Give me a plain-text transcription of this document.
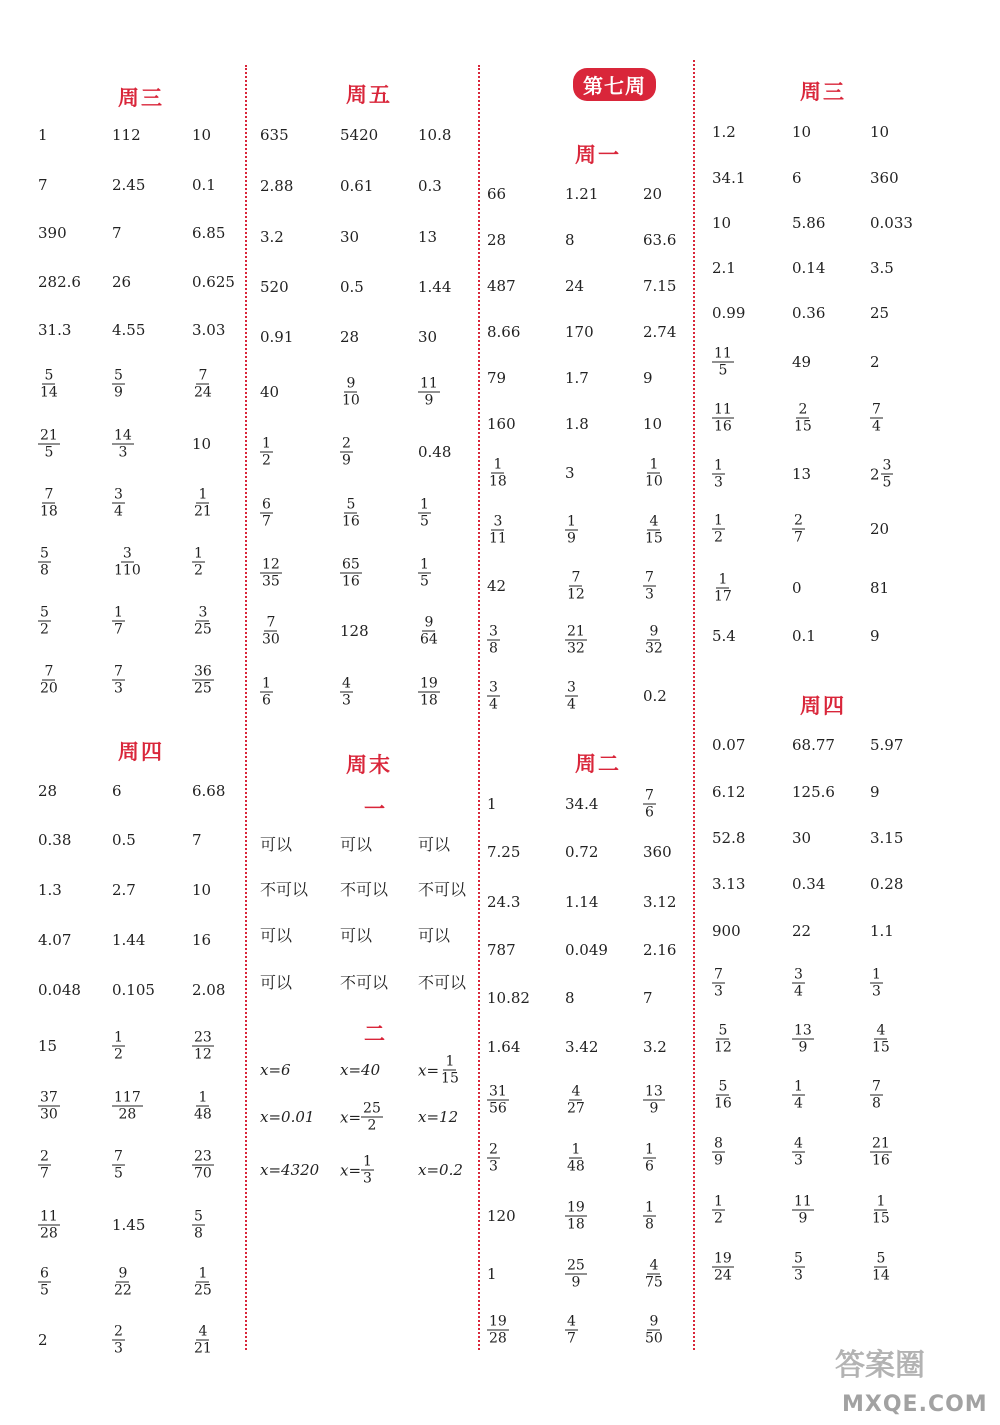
周三
1	112	10
7	2.45	0.1
390	7	6.85
282.6 26	0.625
31.3	4.55	3.03
$\frac{5}{14}$	$\frac{5}{9}$	$\frac{7}{24}$
$\frac{21}{5}$	$\frac{14}{3}$	10
$\frac{7}{18}$	$\frac{3}{4}$	$\frac{1}{21}$
$\frac{5}{8}$	$\frac{3}{110}$	$\frac{1}{2}$
$\frac{5}{2}$	$\frac{1}{7}$	$\frac{3}{25}$
$\frac{7}{20}$	$\frac{7}{3}$	$\frac{36}{25}$
周四
28	6	6.68
0.38	0.5	7
1.3	2.7	10
4.07	1.44	16
0.048 0.105 2.08
15	$\frac{1}{2}$	$\frac{23}{12}$
$\frac{37}{30}$	$\frac{117}{28}$	$\frac{1}{48}$
$\frac{2}{7}$	$\frac{7}{5}$	$\frac{23}{70}$
$\frac{11}{28}$	1.45	$\frac{5}{8}$
$\frac{6}{5}$	$\frac{9}{22}$	$\frac{1}{25}$
2	$\frac{2}{3}$	$\frac{4}{21}$
周五
635	5420	10.8
2.88	0.61	0.3
3.2	30	13
520	0.5	1.44
0.91	28	30
40	$\frac{9}{10}$	$\frac{11}{9}$
$\frac{1}{2}$	$\frac{2}{9}$	0.48
$\frac{6}{7}$	$\frac{5}{16}$	$\frac{1}{5}$
$\frac{12}{35}$	$\frac{65}{16}$	$\frac{1}{5}$
$\frac{7}{30}$	128	$\frac{9}{64}$
$\frac{1}{6}$	$\frac{4}{3}$	$\frac{19}{18}$
周末
一
可以	可以	可以
不可以 不可以 不可以
可以	可以	可以
可以	不可以 不可以
二
x=6	x=40	$x= \frac{1}{15}$
x=0.01 $x= \frac{25}{2} x=12$
x=4320 $x= \frac{1}{3}$	x=0.2
第七周
周一
66	1.21	20
28	8	63.6
487	24	7.15
8.66	170	2.74
79	1.7	9
160	1.8	10
$\frac{1}{18}$	3	$\frac{1}{10}$
$\frac{3}{11}$	$\frac{1}{9}$	$\frac{4}{15}$
42	$\frac{7}{12}$	$\frac{7}{3}$
$\frac{3}{8}$	$\frac{21}{32}$	$\frac{9}{32}$
$\frac{3}{4}$	$\frac{3}{4}$	0.2
周二
1	34.4	$\frac{7}{6}$
7.25	0.72	360
24.3	1.14	3.12
787	0.049 2.16
10.82 8	7
1.64	3.42	3.2
$\frac{31}{56}$	$\frac{4}{27}$	$\frac{13}{9}$
$\frac{2}{3}$	$\frac{1}{48}$	$\frac{1}{6}$
120	$\frac{19}{18}$	$\frac{1}{8}$
1	$\frac{25}{9}$	$\frac{4}{75}$
$\frac{19}{28}$	$\frac{4}{7}$	$\frac{9}{50}$
周三
1.2	10	10
34.1	6	360
10	5.86	0.033
2.1	0.14	3.5
0.99	0.36	25
$\frac{11}{5}$	49	2
$\frac{11}{16}$	$\frac{2}{15}$	$\frac{7}{4}$
$\frac{1}{3}$	13	$2 \frac{3}{5}$
$\frac{1}{2}$	$\frac{2}{7}$	20
$\frac{1}{17}$	0	81
5.4	0.1	9
周四
0.07	68.77 5.97
6.12	125.6 9
52.8	30	3.15
3.13	0.34	0.28
900	22	1.1
$\frac{7}{3}$	$\frac{3}{4}$	$\frac{1}{3}$
$\frac{5}{12}$	$\frac{13}{9}$	$\frac{4}{15}$
$\frac{5}{16}$	$\frac{1}{4}$	$\frac{7}{8}$
$\frac{8}{9}$	$\frac{4}{3}$	$\frac{21}{16}$
$\frac{1}{2}$	$\frac{11}{9}$	$\frac{1}{15}$
$\frac{19}{24}$	$\frac{5}{3}$	$\frac{5}{14}$
答案圈
MXQE.COM
